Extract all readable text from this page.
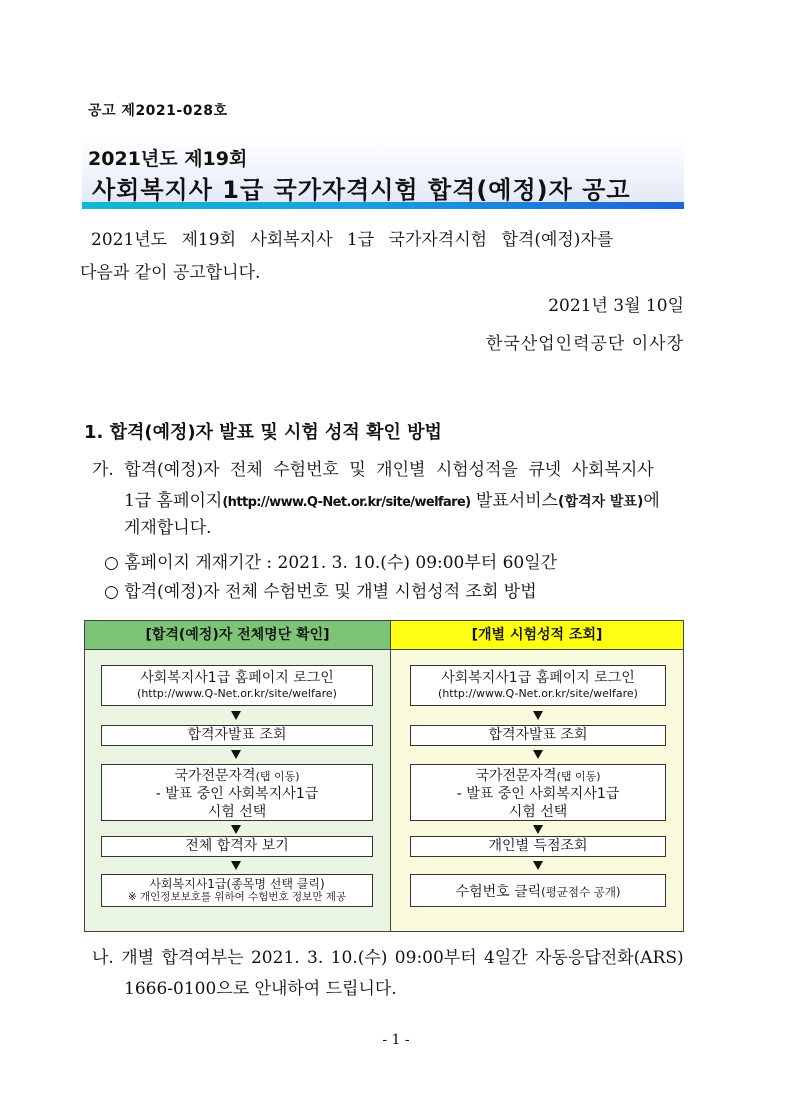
공고 제2021-028호
2021년도 제19회
사회복지사 1급 국가자격시험 합격(예정)자 공고
2021년도 제19회 사회복지사 1급 국가자격시험 합격(예정)자를
다음과 같이 공고합니다.
2021년 3월 10일
한국산업인력공단 이사장
1. 합격(예정)자 발표 및 시험 성적 확인 방법
가. 합격(예정)자 전체 수험번호 및 개인별 시험성적을 큐넷 사회복지사
1급 홈페이지(http://www.Q-Net.or.kr/site/welfare) 발표서비스(합격자 발표)에
게재합니다.
○ 홈페이지 게재기간 : 2021. 3. 10.(수) 09:00부터 60일간
○ 합격(예정)자 전체 수험번호 및 개별 시험성적 조회 방법
[합격(예정)자 전체명단 확인]
사회복지사1급 홈페이지 로그인
(http://www.Q-Net.or.kr/site/welfare)
합격자발표 조회
국가전문자격(탭 이동)
- 발표 중인 사회복지사1급
시험 선택
전체 합격자 보기
사회복지사1급(종목명 선택 클릭)
※ 개인정보보호를 위하여 수험번호 정보만 제공
[개별 시험성적 조회]
사회복지사1급 홈페이지 로그인
(http://www.Q-Net.or.kr/site/welfare)
합격자발표 조회
국가전문자격(탭 이동)
- 발표 중인 사회복지사1급
시험 선택
개인별 득점조회
수험번호 클릭(평균점수 공개)
나. 개별 합격여부는 2021. 3. 10.(수) 09:00부터 4일간 자동응답전화(ARS)
1666-0100으로 안내하여 드립니다.
- 1 -
